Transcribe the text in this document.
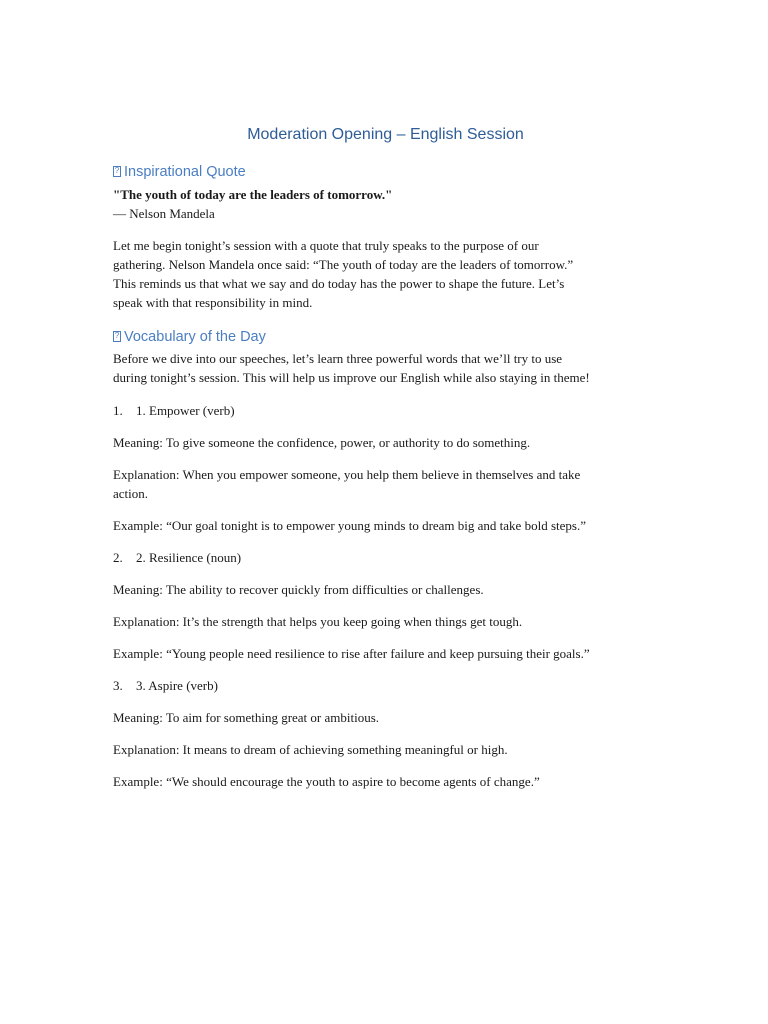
Moderation Opening – English Session
?Inspirational Quote

"The youth of today are the leaders of tomorrow."

— Nelson Mandela

Let me begin tonight’s session with a quote that truly speaks to the purpose of our

gathering. Nelson Mandela once said: “The youth of today are the leaders of tomorrow.”

This reminds us that what we say and do today has the power to shape the future. Let’s

speak with that responsibility in mind.

?Vocabulary of the Day

Before we dive into our speeches, let’s learn three powerful words that we’ll try to use

during tonight’s session. This will help us improve our English while also staying in theme!

1. 1. Empower (verb)

Meaning: To give someone the confidence, power, or authority to do something.

Explanation: When you empower someone, you help them believe in themselves and take

action.

Example: “Our goal tonight is to empower young minds to dream big and take bold steps.”

2. 2. Resilience (noun)

Meaning: The ability to recover quickly from difficulties or challenges.

Explanation: It’s the strength that helps you keep going when things get tough.

Example: “Young people need resilience to rise after failure and keep pursuing their goals.”

3. 3. Aspire (verb)

Meaning: To aim for something great or ambitious.

Explanation: It means to dream of achieving something meaningful or high.

Example: “We should encourage the youth to aspire to become agents of change.”
